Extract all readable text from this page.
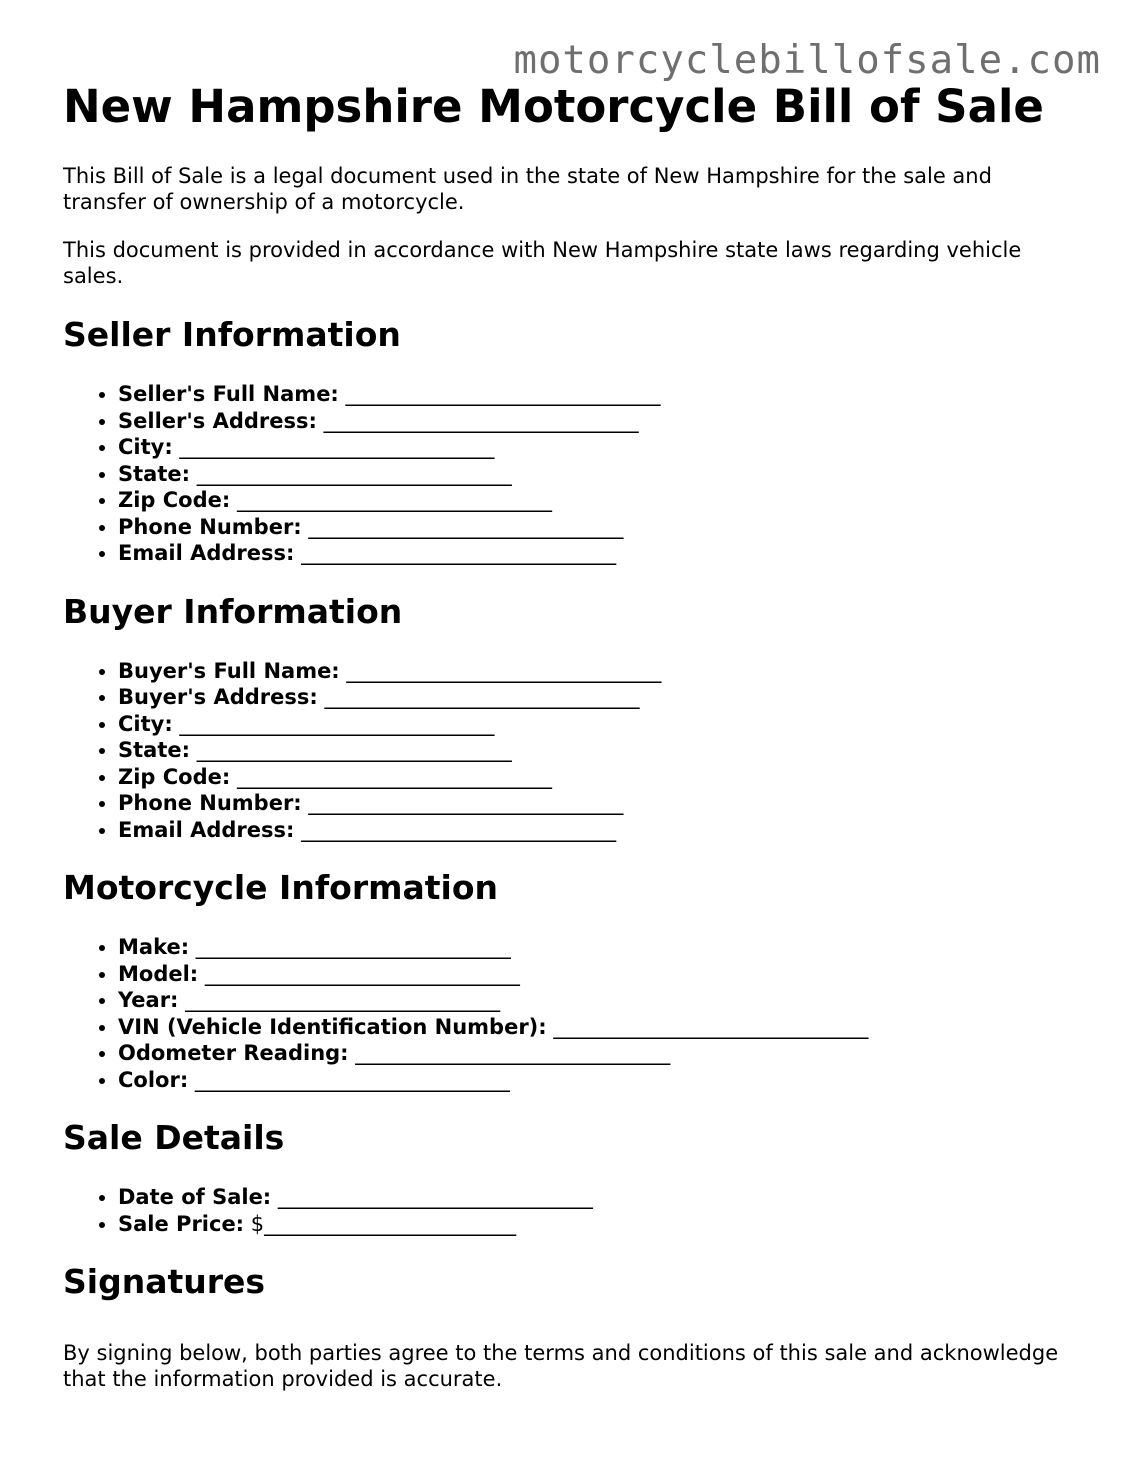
motorcyclebillofsale.com
New Hampshire Motorcycle Bill of Sale

This Bill of Sale is a legal document used in the state of New Hampshire for the sale and transfer of ownership of a motorcycle.

This document is provided in accordance with New Hampshire state laws regarding vehicle sales.

Seller Information
• Seller's Full Name: ______________________________
• Seller's Address: ______________________________
• City: ______________________________
• State: ______________________________
• Zip Code: ______________________________
• Phone Number: ______________________________
• Email Address: ______________________________
Buyer Information
• Buyer's Full Name: ______________________________
• Buyer's Address: ______________________________
• City: ______________________________
• State: ______________________________
• Zip Code: ______________________________
• Phone Number: ______________________________
• Email Address: ______________________________
Motorcycle Information
• Make: ______________________________
• Model: ______________________________
• Year: ______________________________
• VIN (Vehicle Identification Number): ______________________________
• Odometer Reading: ______________________________
• Color: ______________________________
Sale Details
• Date of Sale: ______________________________
• Sale Price: $________________________
Signatures

By signing below, both parties agree to the terms and conditions of this sale and acknowledge that the information provided is accurate.
